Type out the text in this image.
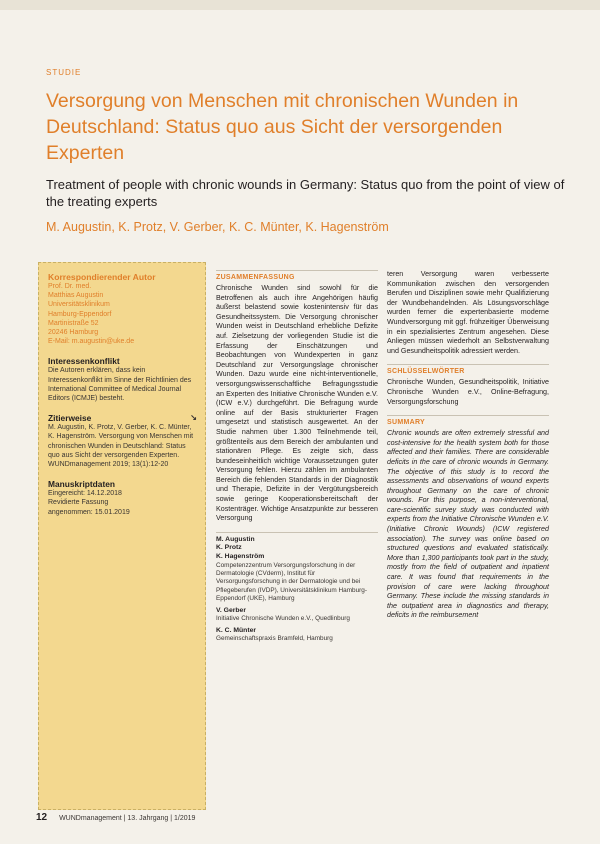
STUDIE
Versorgung von Menschen mit chronischen Wunden in Deutschland: Status quo aus Sicht der versorgenden Experten

Treatment of people with chronic wounds in Germany: Status quo from the point of view of the treating experts

M. Augustin, K. Protz, V. Gerber, K. C. Münter, K. Hagenström
Korrespondierender Autor
Prof. Dr. med.
Matthias Augustin
Universitätsklinikum
Hamburg-Eppendorf
Martinistraße 52
20246 Hamburg
E-Mail: m.augustin@uke.de
Interessenkonflikt
Die Autoren erklären, dass kein Interessenkonflikt im Sinne der Richtlinien des International Committee of Medical Journal Editors (ICMJE) besteht.
Zitierweise	↘
M. Augustin, K. Protz, V. Gerber, K. C. Münter, K. Hagenström. Versorgung von Menschen mit chronischen Wunden in Deutschland: Status quo aus Sicht der versorgenden Experten. WUNDmanagement 2019; 13(1):12-20
Manuskriptdaten
Eingereicht: 14.12.2018
Revidierte Fassung
angenommen: 15.01.2019
ZUSAMMENFASSUNG

Chronische Wunden sind sowohl für die Betroffenen als auch ihre Angehörigen häufig äußerst belastend sowie kostenintensiv für das Gesundheitssystem. Die Versorgung chronischer Wunden weist in Deutschland erhebliche Defizite auf. Zielsetzung der vorliegenden Studie ist die Erfassung der Einschätzungen und Beobachtungen von Wundexperten in ganz Deutschland zur Versorgungslage chronischer Wunden. Dazu wurde eine nicht-interventionelle, versorgungswissenschaftliche Befragungsstudie an Experten des Initiative Chronische Wunden e.V. (ICW e.V.) durchgeführt. Die Befragung wurde online auf der Basis strukturierter Fragen umgesetzt und statistisch ausgewertet. An der Studie nahmen über 1.300 Teilnehmende teil, größtenteils aus dem Bereich der ambulanten und stationären Pflege. Es zeigte sich, dass bundeseinheitlich wichtige Voraussetzungen guter Versorgung fehlen. Hierzu zählen im ambulanten Bereich die fehlenden Standards in der Diagnostik und Therapie, Defizite in der Vergütungsbereich sowie geringe Kooperationsbereitschaft der Kostenträger. Wichtige Ansatzpunkte zur besseren Versorgung

M. Augustin
K. Protz
K. Hagenström
Competenzzentrum Versorgungsforschung in der Dermatologie (CVderm), Institut für Versorgungsforschung in der Dermatologie und bei Pflegeberufen (IVDP), Universitätsklinikum Hamburg-Eppendorf (UKE), Hamburg
V. Gerber
Initiative Chronische Wunden e.V., Quedlinburg
K. C. Münter
Gemeinschaftspraxis Bramfeld, Hamburg

teren Versorgung waren verbesserte Kommunikation zwischen den versorgenden Berufen und Disziplinen sowie mehr Qualifizierung der Wundbehandelnden. Als Lösungsvorschläge wurden ferner die expertenbasierte moderne Wundversorgung mit ggf. frühzeitiger Überweisung in ein spezialisiertes Zentrum angesehen. Diese Anliegen müssen wiederholt an Selbstverwaltung und Gesundheitspolitik adressiert werden.

SCHLÜSSELWÖRTER

Chronische Wunden, Gesundheitspolitik, Initiative Chronische Wunden e.V., Online-Befragung, Versorgungsforschung

SUMMARY

Chronic wounds are often extremely stressful and cost-intensive for the health system both for those affected and their families. There are considerable deficits in the care of chronic wounds in Germany. The objective of this study is to record the assessments and observations of wound experts throughout Germany on the care of chronic wounds. For this purpose, a non-interventional, care-scientific survey study was conducted with experts from the Initiative Chronische Wunden e.V. (Initiative Chronic Wounds) (ICW registered association). The survey was online based on structured questions and evaluated statistically. More than 1,300 participants took part in the study, mostly from the field of outpatient and inpatient care. It was found that requirements in the provision of care were lacking throughout Germany. These include the missing standards in the outpatient area in diagnostics and therapy, deficits in the reimbursement

12 WUNDmanagement | 13. Jahrgang | 1/2019
